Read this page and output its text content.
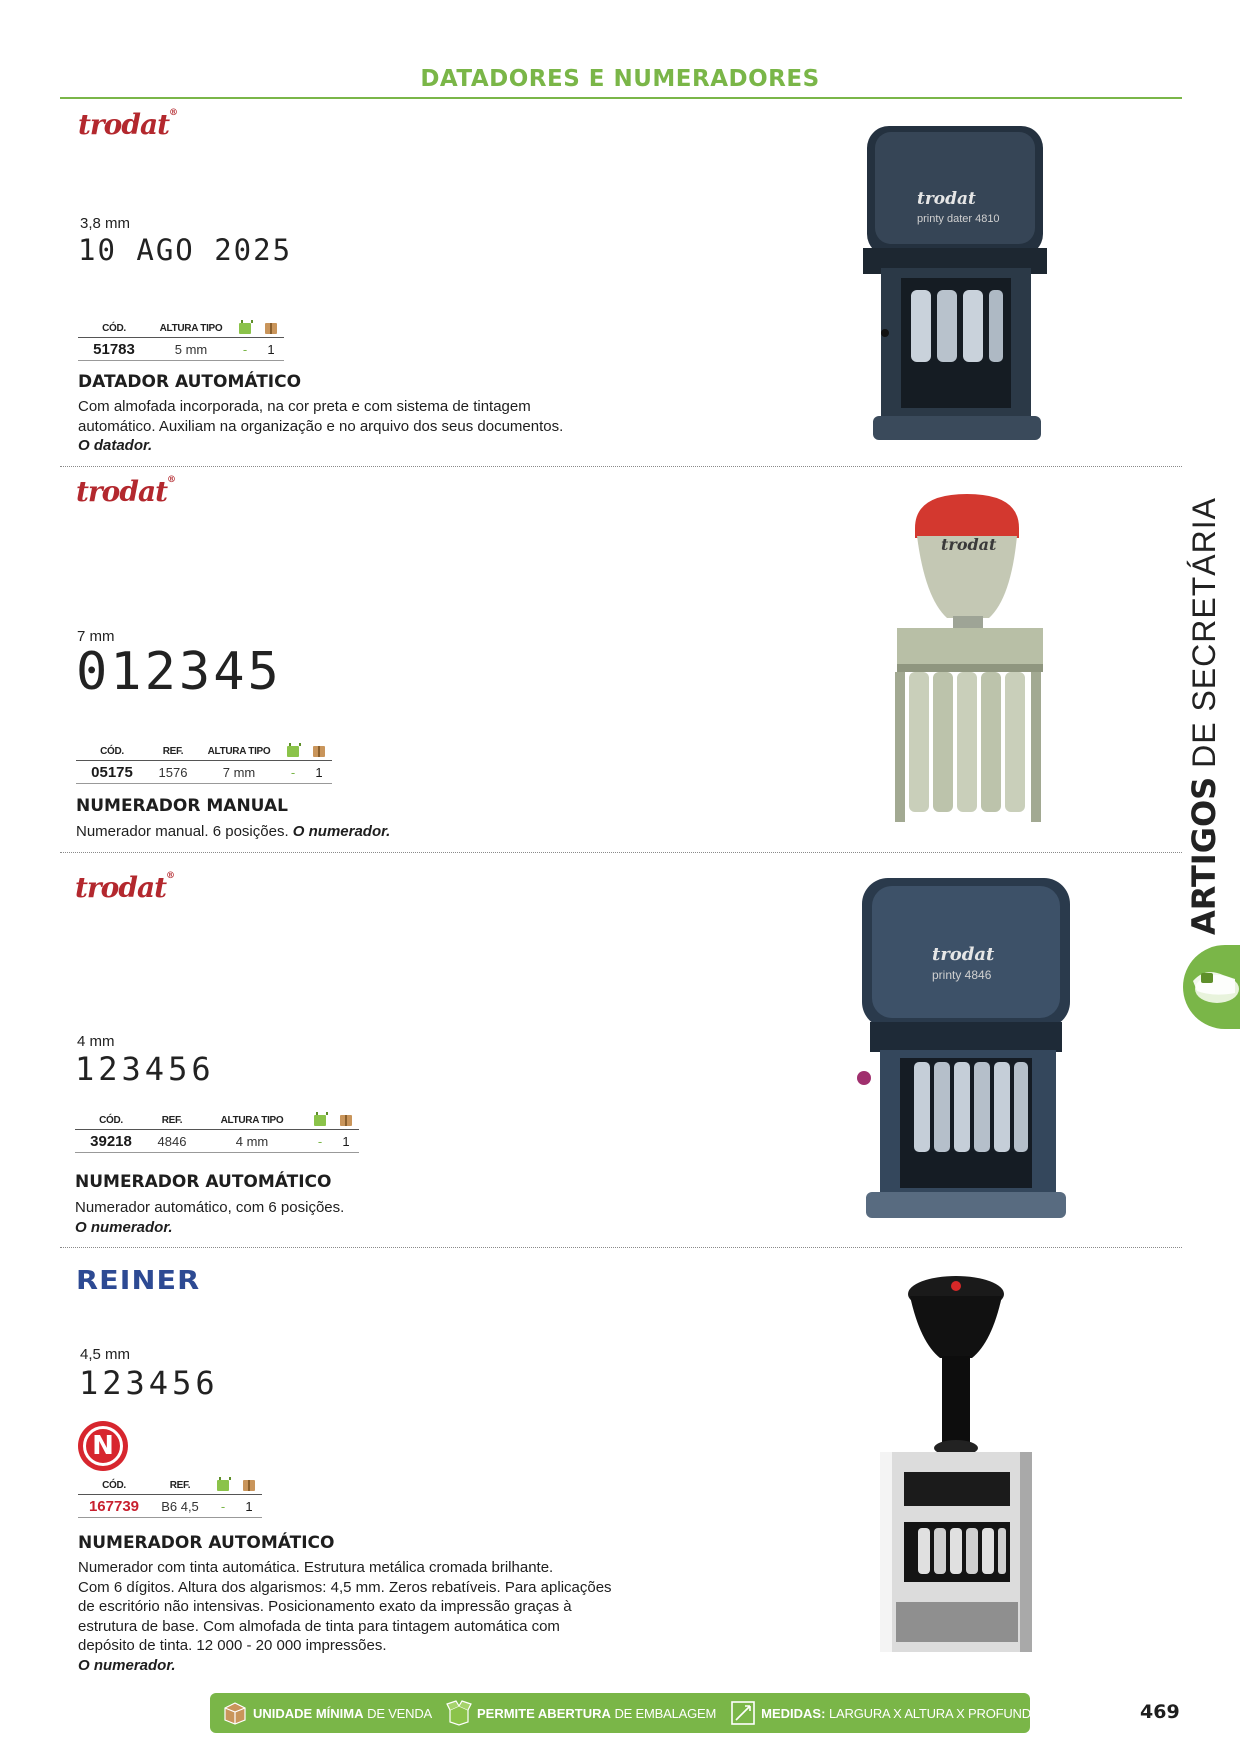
DATADORES E NUMERADORES
trodat®
3,8 mm
10 AGO 2025
CÓD.	ALTURA TIPO		
51783	5 mm	-	1
DATADOR AUTOMÁTICO
Com almofada incorporada, na cor preta e com sistema de tintagem
automático. Auxiliam na organização e no arquivo dos seus documentos.
O datador.
trodat
printy dater 4810
trodat®
7 mm
012345
CÓD.	REF.	ALTURA TIPO		
05175	1576	7 mm	-	1
NUMERADOR MANUAL
Numerador manual. 6 posições. O numerador.
trodat
trodat®
4 mm
123456
CÓD.	REF.	ALTURA TIPO		
39218	4846	4 mm	-	1
NUMERADOR AUTOMÁTICO
Numerador automático, com 6 posições.
O numerador.
trodat
printy 4846
REINER
4,5 mm
123456
N
CÓD.	REF.		
167739	B6 4,5	-	1
NUMERADOR AUTOMÁTICO
Numerador com tinta automática. Estrutura metálica cromada brilhante.
Com 6 dígitos. Altura dos algarismos: 4,5 mm. Zeros rebatíveis. Para aplicações
de escritório não intensivas. Posicionamento exato da impressão graças à
estrutura de base. Com almofada de tinta para tintagem automática com
depósito de tinta. 12 000 - 20 000 impressões.
O numerador.
ARTIGOS DE SECRETÁRIA
UNIDADE MÍNIMA DE VENDA	PERMITE ABERTURA DE EMBALAGEM	MEDIDAS: LARGURA X ALTURA X PROFUNDIDADE	469
